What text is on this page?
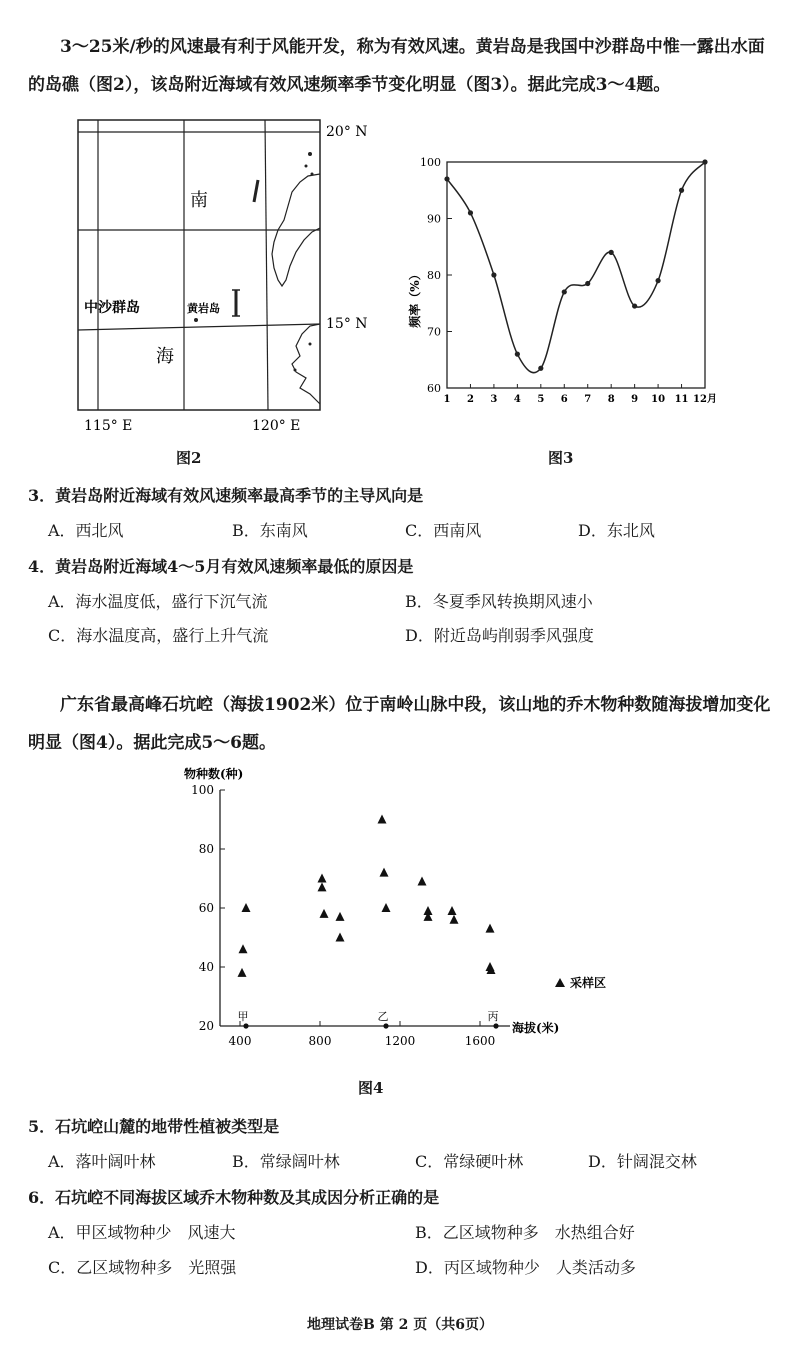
3～25米/秒的风速最有利于风能开发，称为有效风速。黄岩岛是我国中沙群岛中惟一露出水面
的岛礁（图2），该岛附近海域有效风速频率季节变化明显（图3）。据此完成3～4题。
南
海
中沙群岛	黄岩岛
20° N
15° N
115° E	120° E
图2
60
70
80
90
100
1 2 3 4 5 6 7 8 9 10 11 12月
频率（%）
图3
3．黄岩岛附近海域有效风速频率最高季节的主导风向是
A．西北风	B．东南风	C．西南风	D．东北风
4．黄岩岛附近海域4～5月有效风速频率最低的原因是
A．海水温度低，盛行下沉气流	B．冬夏季风转换期风速小
C．海水温度高，盛行上升气流	D．附近岛屿削弱季风强度
广东省最高峰石坑崆（海拔1902米）位于南岭山脉中段，该山地的乔木物种数随海拔增加变化
明显（图4）。据此完成5～6题。
20
40
60
80
100
400	800	1200	1600
甲	乙	丙
物种数(种)
海拔(米)
采样区
图4
5．石坑崆山麓的地带性植被类型是
A．落叶阔叶林	B．常绿阔叶林	C．常绿硬叶林	D．针阔混交林
6．石坑崆不同海拔区域乔木物种数及其成因分析正确的是
A．甲区域物种少　风速大	B．乙区域物种多　水热组合好
C．乙区域物种多　光照强	D．丙区域物种少　人类活动多
地理试卷B 第 2 页（共6页）
